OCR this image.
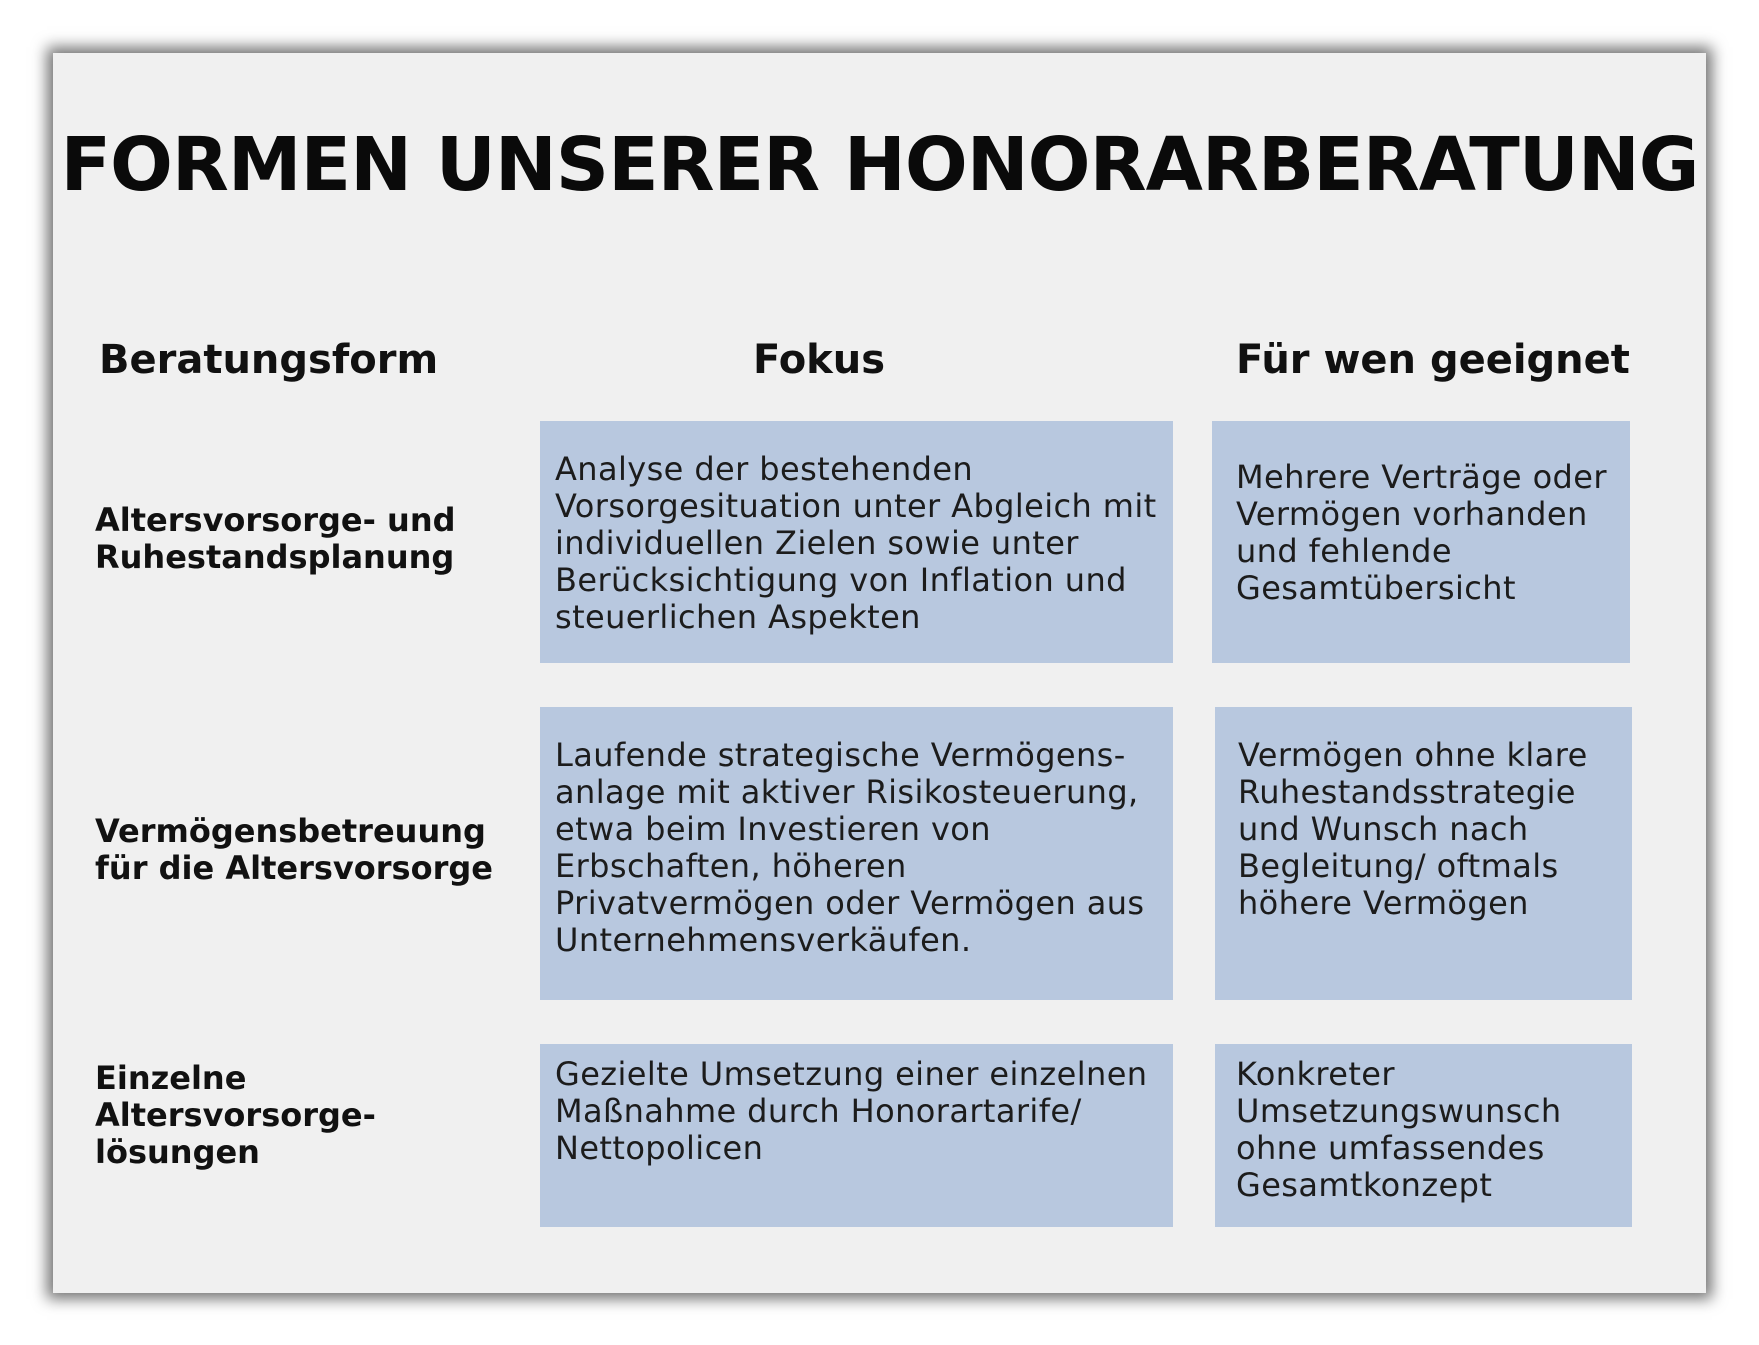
FORMEN UNSERER HONORARBERATUNG
Beratungsform	Fokus	Für wen geeignet
Altersvorsorge- und Ruhestandsplanung
Analyse der bestehenden Vorsorgesituation unter Abgleich mit individuellen Zielen sowie unter Berücksichtigung von Inflation und steuerlichen Aspekten
Mehrere Verträge oder Vermögen vorhanden und fehlende Gesamtübersicht
Vermögensbetreuung für die Altersvorsorge
Laufende strategische Vermögens- anlage mit aktiver Risikosteuerung, etwa beim Investieren von Erbschaften, höheren Privatvermögen oder Vermögen aus Unternehmensverkäufen.
Vermögen ohne klare Ruhestandsstrategie und Wunsch nach Begleitung/ oftmals höhere Vermögen
Einzelne Altersvorsorge- lösungen
Gezielte Umsetzung einer einzelnen Maßnahme durch Honorartarife/ Nettopolicen
Konkreter Umsetzungswunsch ohne umfassendes Gesamtkonzept
